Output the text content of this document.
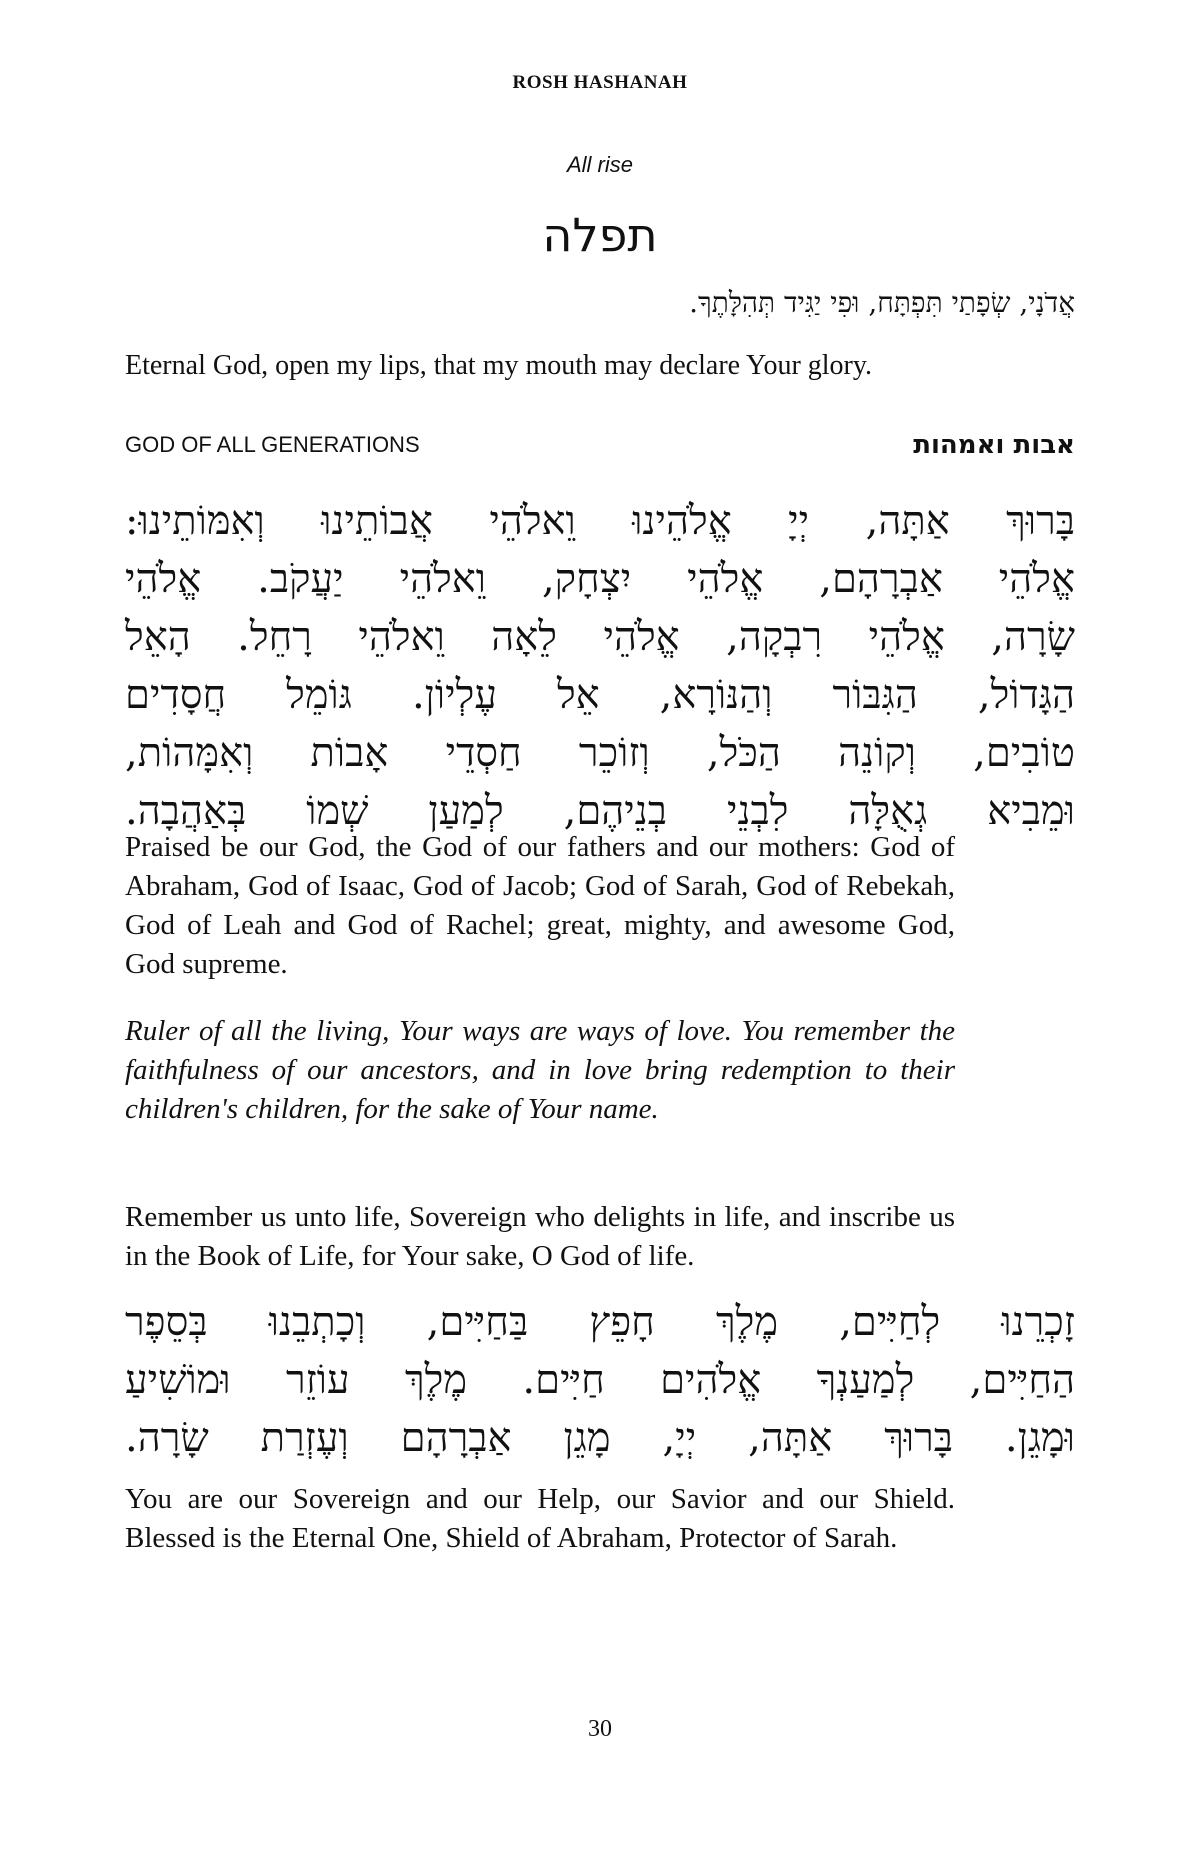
ROSH HASHANAH
All rise
תפלה
אֲדֹנָי, שְׂפָתַי תִּפְתָּח, וּפִי יַגִּיד תְּהִלָּתֶךָ.
Eternal God, open my lips, that my mouth may declare Your glory.
GOD OF ALL GENERATIONS	אבות ואמהות
בָּרוּךְ אַתָּה, יְיָ אֱלֹהֵינוּ וֵאלֹהֵי אֲבוֹתֵינוּ וְאִמּוֹתֵינוּ:
אֱלֹהֵי אַבְרָהָם, אֱלֹהֵי יִצְחָק, וֵאלֹהֵי יַעֲקֹב. אֱלֹהֵי
שָׂרָה, אֱלֹהֵי רִבְקָה, אֱלֹהֵי לֵאָה וֵאלֹהֵי רָחֵל. הָאֵל
הַגָּדוֹל, הַגִּבּוֹר וְהַנּוֹרָא, אֵל עֶלְיוֹן. גּוֹמֵל חֲסָדִים
טוֹבִים, וְקוֹנֵה הַכֹּל, וְזוֹכֵר חַסְדֵי אָבוֹת וְאִמָּהוֹת,
וּמֵבִיא גְאֻלָּה לִבְנֵי בְנֵיהֶם, לְמַעַן שְׁמוֹ בְּאַהֲבָה.
Praised be our God, the God of our fathers and our mothers: God of Abraham, God of Isaac, God of Jacob; God of Sarah, God of Rebekah, God of Leah and God of Rachel; great, mighty, and awesome God, God supreme.
Ruler of all the living, Your ways are ways of love. You remember the faithfulness of our ancestors, and in love bring redemption to their children's children, for the sake of Your name.
Remember us unto life, Sovereign who delights in life, and inscribe us in the Book of Life, for Your sake, O God of life.
זָכְרֵנוּ לְחַיִּים, מֶלֶךְ חָפֵץ בַּחַיִּים, וְכָתְבֵנוּ בְּסֵפֶר
הַחַיִּים, לְמַעַנְךָ אֱלֹהִים חַיִּים. מֶלֶךְ עוֹזֵר וּמוֹשִׁיעַ
וּמָגֵן. בָּרוּךְ אַתָּה, יְיָ, מָגֵן אַבְרָהָם וְעֶזְרַת שָׂרָה.
You are our Sovereign and our Help, our Savior and our Shield. Blessed is the Eternal One, Shield of Abraham, Protector of Sarah.
30
